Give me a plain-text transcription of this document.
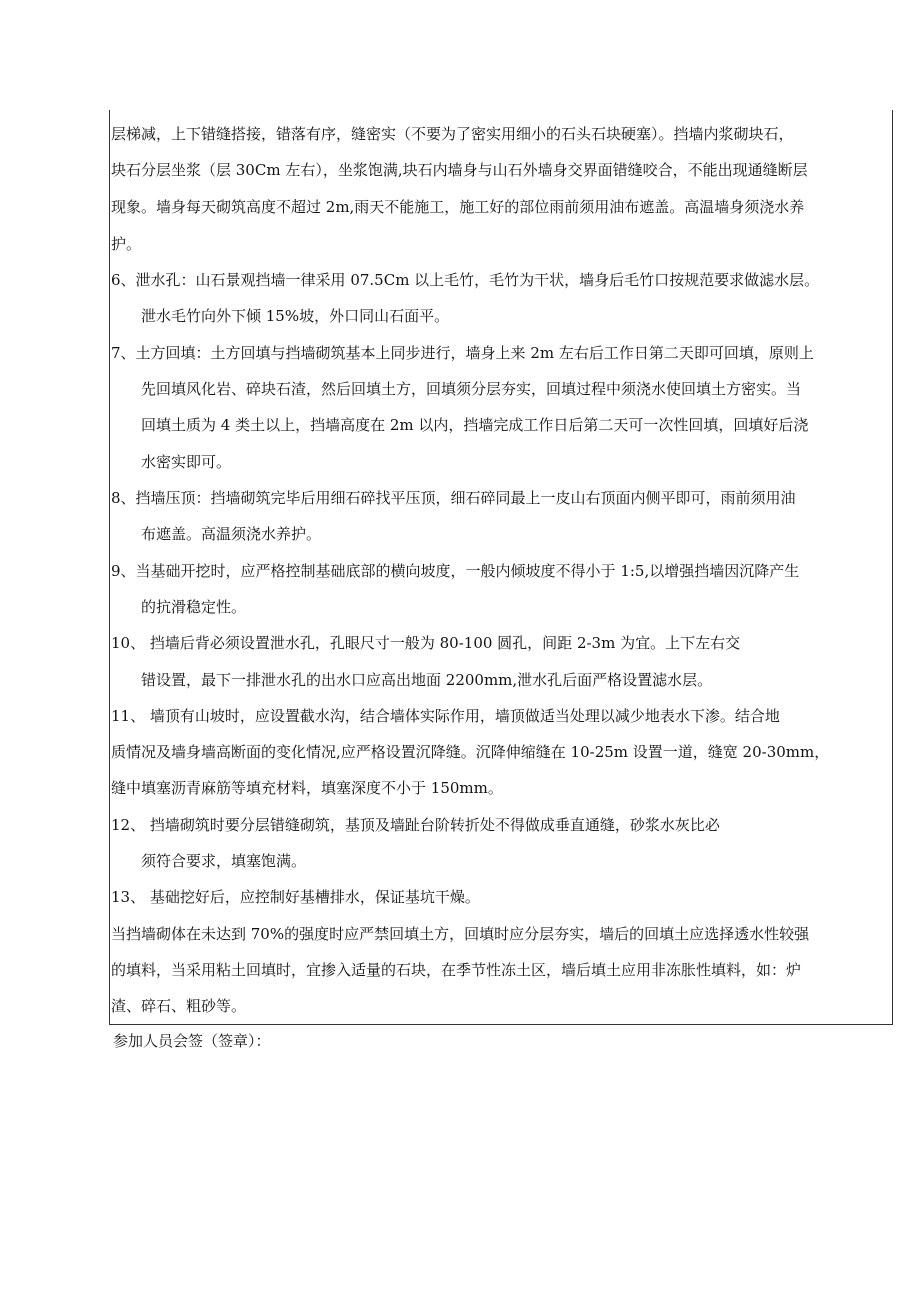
层梯减，上下错缝搭接，错落有序，缝密实（不要为了密实用细小的石头石块硬塞）。挡墙内浆砌块石，
块石分层坐浆（层 30Cm 左右），坐浆饱满,块石内墙身与山石外墙身交界面错缝咬合，不能出现通缝断层
现象。墙身每天砌筑高度不超过 2m,雨天不能施工，施工好的部位雨前须用油布遮盖。高温墙身须浇水养
护。
6、泄水孔：山石景观挡墙一律采用 07.5Cm 以上毛竹，毛竹为干状，墙身后毛竹口按规范要求做滤水层。
泄水毛竹向外下倾 15%坡，外口同山石面平。
7、土方回填：土方回填与挡墙砌筑基本上同步进行，墙身上来 2m 左右后工作日第二天即可回填，原则上
先回填风化岩、碎块石渣，然后回填土方，回填须分层夯实，回填过程中须浇水使回填土方密实。当
回填土质为 4 类土以上，挡墙高度在 2m 以内，挡墙完成工作日后第二天可一次性回填，回填好后浇
水密实即可。
8、挡墙压顶：挡墙砌筑完毕后用细石碎找平压顶，细石碎同最上一皮山右顶面内侧平即可，雨前须用油
布遮盖。高温须浇水养护。
9、当基础开挖时，应严格控制基础底部的横向坡度，一般内倾坡度不得小于 1:5,以增强挡墙因沉降产生
的抗滑稳定性。
10、 挡墙后背必须设置泄水孔，孔眼尺寸一般为 80-100 圆孔，间距 2-3m 为宜。上下左右交
错设置，最下一排泄水孔的出水口应高出地面 2200mm,泄水孔后面严格设置滤水层。
11、 墙顶有山坡时，应设置截水沟，结合墙体实际作用，墙顶做适当处理以减少地表水下渗。结合地
质情况及墙身墙高断面的变化情况,应严格设置沉降缝。沉降伸缩缝在 10-25m 设置一道，缝宽 20-30mm，
缝中填塞沥青麻筋等填充材料，填塞深度不小于 150mm。
12、 挡墙砌筑时要分层错缝砌筑，基顶及墙趾台阶转折处不得做成垂直通缝，砂浆水灰比必
须符合要求，填塞饱满。
13、 基础挖好后，应控制好基槽排水，保证基坑干燥。
当挡墙砌体在未达到 70%的强度时应严禁回填土方，回填时应分层夯实，墙后的回填土应选择透水性较强
的填料，当采用粘土回填时，宜掺入适量的石块，在季节性冻土区，墙后填土应用非冻胀性填料，如：炉
渣、碎石、粗砂等。
参加人员会签（签章）：
